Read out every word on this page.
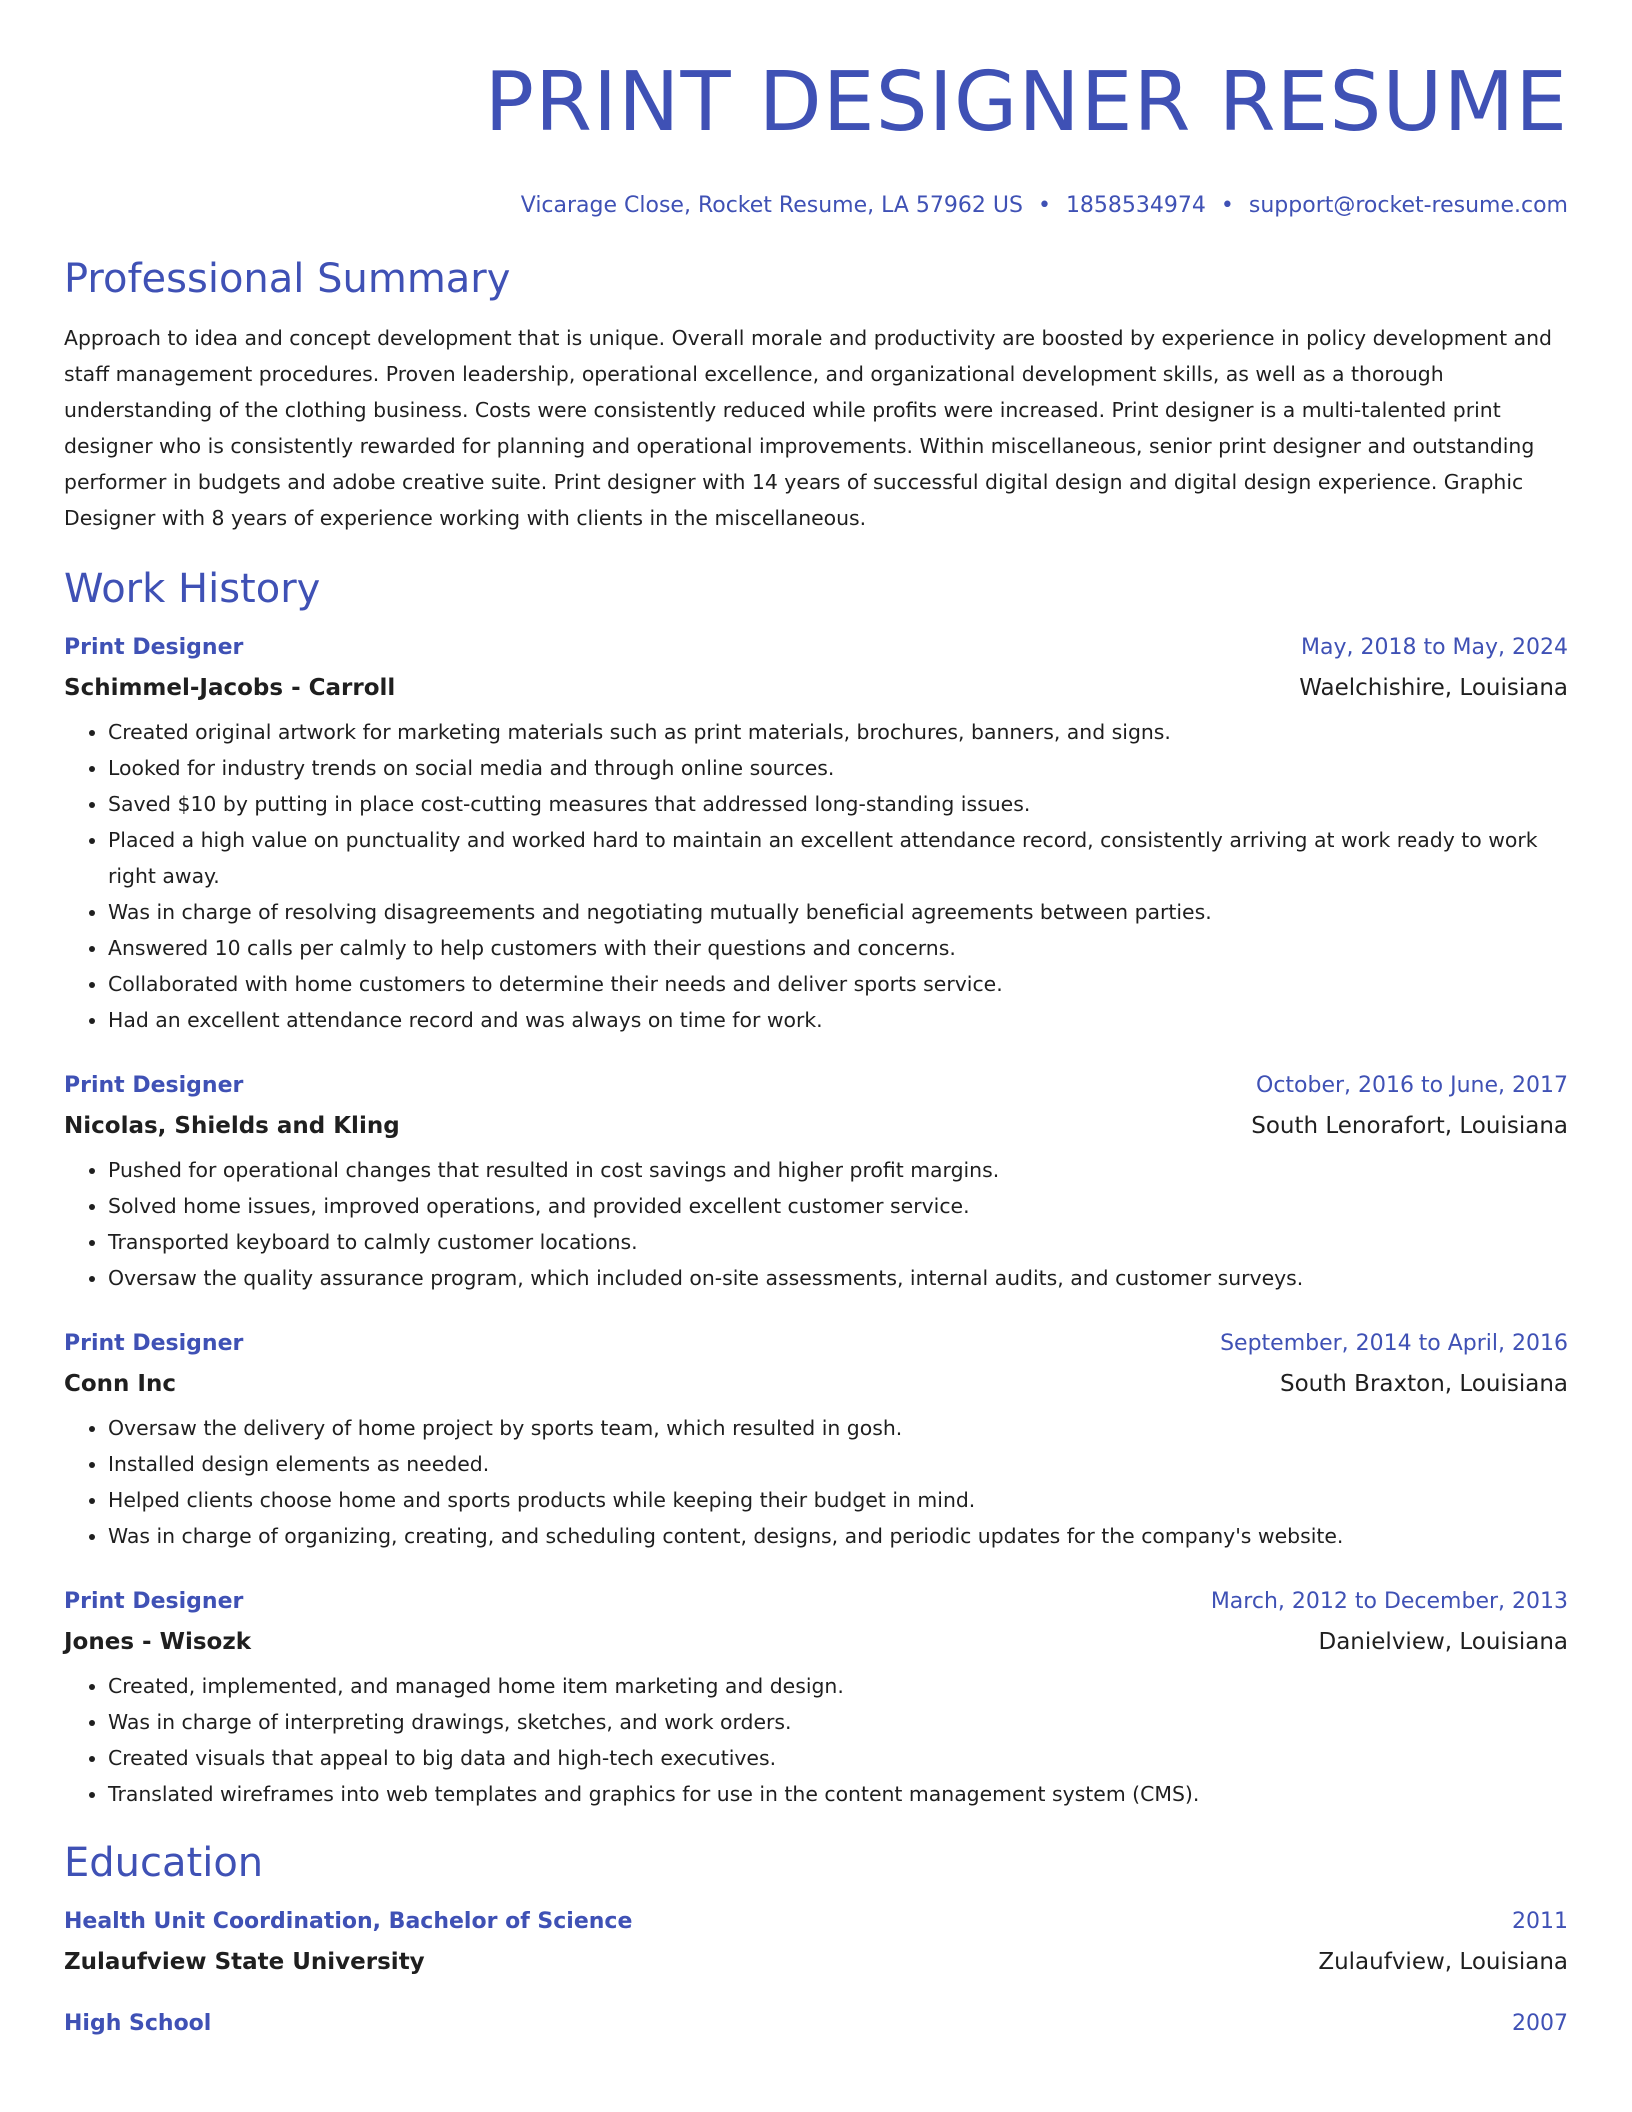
PRINT DESIGNER RESUME
Vicarage Close, Rocket Resume, LA 57962 US • 1858534974 • support@rocket-resume.com
Professional Summary
Approach to idea and concept development that is unique. Overall morale and productivity are boosted by experience in policy development and staff management procedures. Proven leadership, operational excellence, and organizational development skills, as well as a thorough understanding of the clothing business. Costs were consistently reduced while profits were increased. Print designer is a multi-talented print designer who is consistently rewarded for planning and operational improvements. Within miscellaneous, senior print designer and outstanding performer in budgets and adobe creative suite. Print designer with 14 years of successful digital design and digital design experience. Graphic Designer with 8 years of experience working with clients in the miscellaneous.
Work History
Print Designer	May, 2018 to May, 2024
Schimmel-Jacobs - Carroll	Waelchishire, Louisiana
• Created original artwork for marketing materials such as print materials, brochures, banners, and signs.
• Looked for industry trends on social media and through online sources.
• Saved $10 by putting in place cost-cutting measures that addressed long-standing issues.
• Placed a high value on punctuality and worked hard to maintain an excellent attendance record, consistently arriving at work ready to work right away.
• Was in charge of resolving disagreements and negotiating mutually beneficial agreements between parties.
• Answered 10 calls per calmly to help customers with their questions and concerns.
• Collaborated with home customers to determine their needs and deliver sports service.
• Had an excellent attendance record and was always on time for work.
Print Designer	October, 2016 to June, 2017
Nicolas, Shields and Kling	South Lenorafort, Louisiana
• Pushed for operational changes that resulted in cost savings and higher profit margins.
• Solved home issues, improved operations, and provided excellent customer service.
• Transported keyboard to calmly customer locations.
• Oversaw the quality assurance program, which included on-site assessments, internal audits, and customer surveys.
Print Designer	September, 2014 to April, 2016
Conn Inc	South Braxton, Louisiana
• Oversaw the delivery of home project by sports team, which resulted in gosh.
• Installed design elements as needed.
• Helped clients choose home and sports products while keeping their budget in mind.
• Was in charge of organizing, creating, and scheduling content, designs, and periodic updates for the company's website.
Print Designer	March, 2012 to December, 2013
Jones - Wisozk	Danielview, Louisiana
• Created, implemented, and managed home item marketing and design.
• Was in charge of interpreting drawings, sketches, and work orders.
• Created visuals that appeal to big data and high-tech executives.
• Translated wireframes into web templates and graphics for use in the content management system (CMS).
Education
Health Unit Coordination, Bachelor of Science	2011
Zulaufview State University	Zulaufview, Louisiana
High School	2007
